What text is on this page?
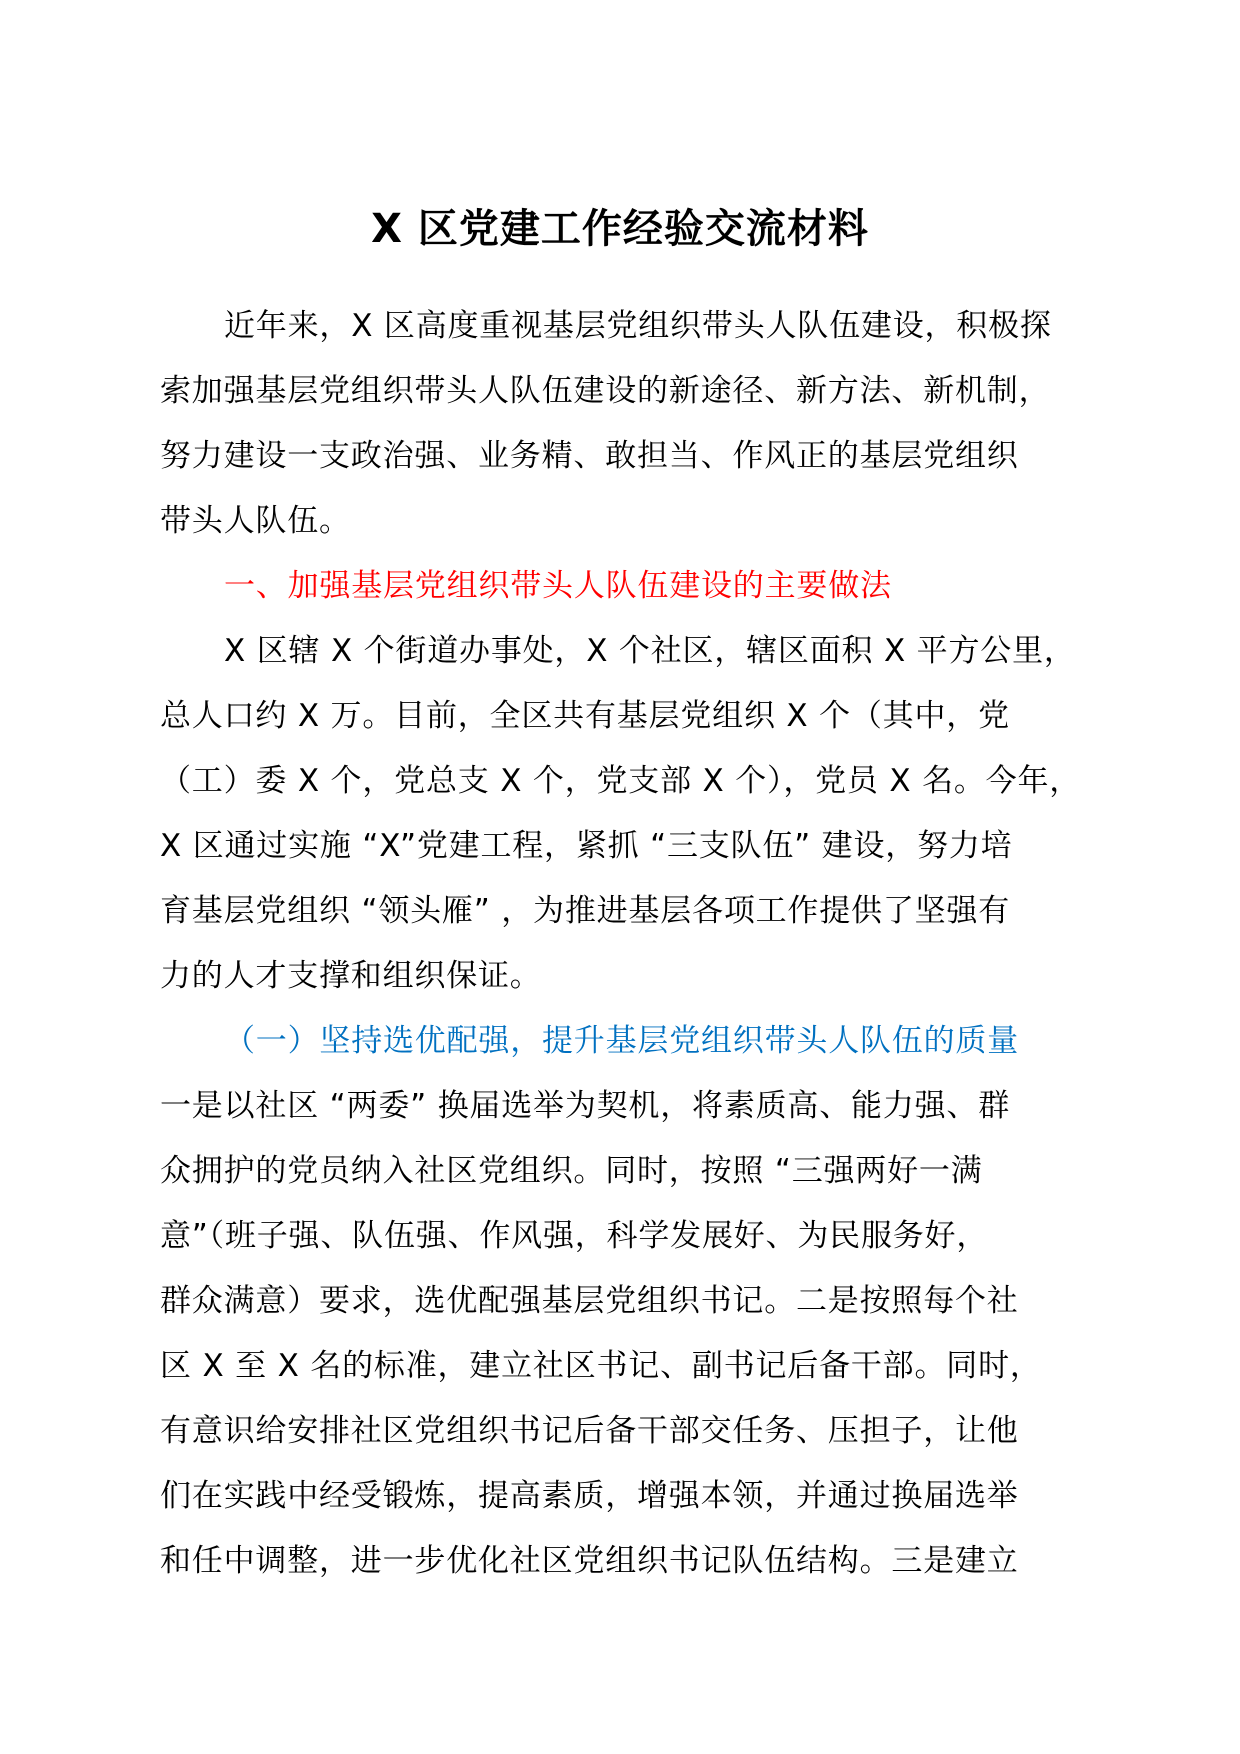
X 区党建工作经验交流材料
近年来，X 区高度重视基层党组织带头人队伍建设，积极探
索加强基层党组织带头人队伍建设的新途径、新方法、新机制，
努力建设一支政治强、业务精、敢担当、作风正的基层党组织
带头人队伍。
一、加强基层党组织带头人队伍建设的主要做法
X 区辖 X 个街道办事处，X 个社区，辖区面积 X 平方公里，
总人口约 X 万。目前，全区共有基层党组织 X 个（其中，党
（工）委 X 个，党总支 X 个，党支部 X 个），党员 X 名。今年，
X 区通过实施 “X”党建工程，紧抓 “三支队伍” 建设，努力培
育基层党组织 “领头雁” ，为推进基层各项工作提供了坚强有
力的人才支撑和组织保证。
（一）坚持选优配强，提升基层党组织带头人队伍的质量
一是以社区 “两委” 换届选举为契机，将素质高、能力强、群
众拥护的党员纳入社区党组织。同时，按照 “三强两好一满
意”（班子强、队伍强、作风强，科学发展好、为民服务好，
群众满意）要求，选优配强基层党组织书记。二是按照每个社
区 X 至 X 名的标准，建立社区书记、副书记后备干部。同时，
有意识给安排社区党组织书记后备干部交任务、压担子，让他
们在实践中经受锻炼，提高素质，增强本领，并通过换届选举
和任中调整，进一步优化社区党组织书记队伍结构。三是建立
